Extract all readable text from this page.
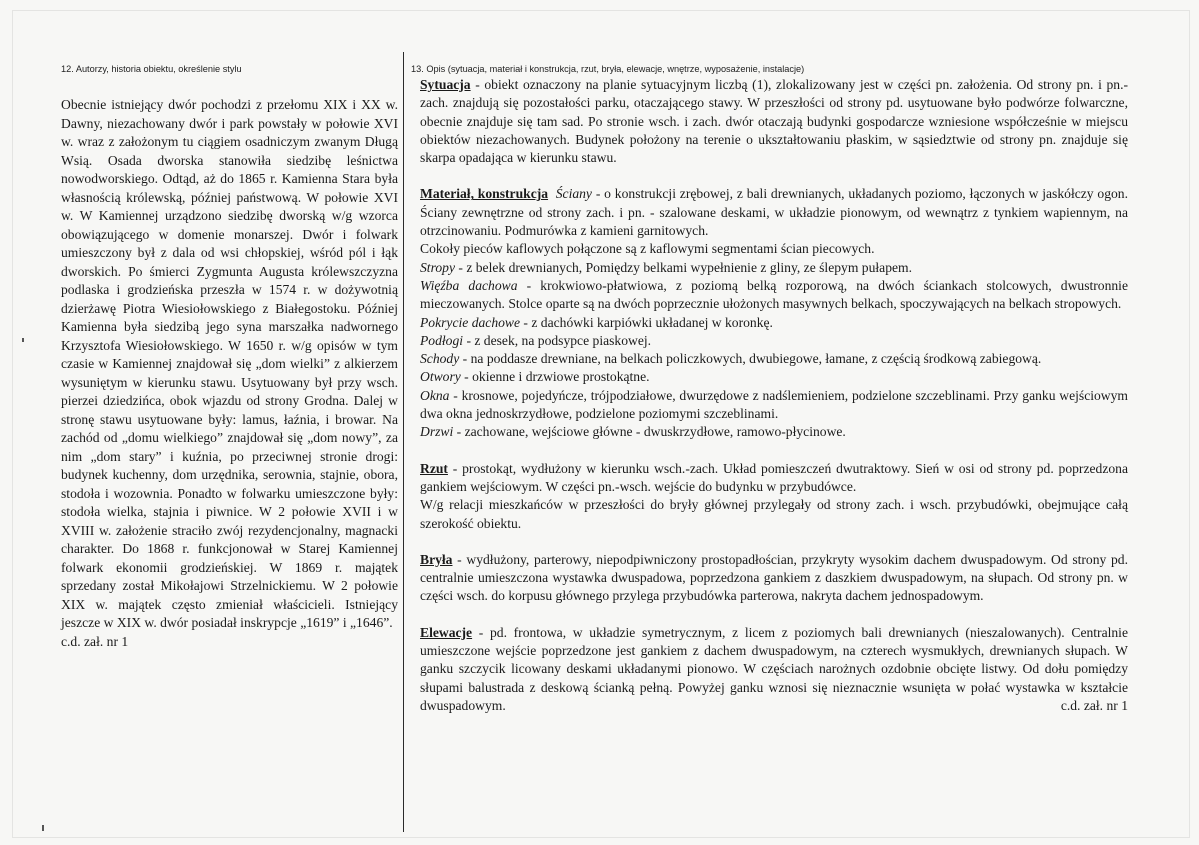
12. Autorzy, historia obiektu, określenie stylu	13. Opis (sytuacja, materiał i konstrukcja, rzut, bryła, elewacje, wnętrze, wyposażenie, instalacje)

Obecnie istniejący dwór pochodzi z przełomu XIX i XX w. Dawny, niezachowany dwór i park powstały w połowie XVI w. wraz z założonym tu ciągiem osadniczym zwanym Długą Wsią. Osada dworska stanowiła siedzibę leśnictwa nowodworskiego. Odtąd, aż do 1865 r. Kamienna Stara była własnością królewską, później państwową. W połowie XVI w. W Kamiennej urządzono siedzibę dworską w/g wzorca obowiązującego w domenie monarszej. Dwór i folwark umieszczony był z dala od wsi chłopskiej, wśród pól i łąk dworskich. Po śmierci Zygmunta Augusta królewszczyzna podlaska i grodzieńska przeszła w 1574 r. w dożywotnią dzierżawę Piotra Wiesiołowskiego z Białegostoku. Później Kamienna była siedzibą jego syna marszałka nadwornego Krzysztofa Wiesiołowskiego. W 1650 r. w/g opisów w tym czasie w Kamiennej znajdował się „dom wielki” z alkierzem wysuniętym w kierunku stawu. Usytuowany był przy wsch. pierzei dziedzińca, obok wjazdu od strony Grodna. Dalej w stronę stawu usytuowane były: lamus, łaźnia, i browar. Na zachód od „domu wielkiego” znajdował się „dom nowy”, za nim „dom stary” i kuźnia, po przeciwnej stronie drogi: budynek kuchenny, dom urzędnika, serownia, stajnie, obora, stodoła i wozownia. Ponadto w folwarku umieszczone były: stodoła wielka, stajnia i piwnice. W 2 połowie XVII i w XVIII w. założenie straciło zwój rezydencjonalny, magnacki charakter. Do 1868 r. funkcjonował w Starej Kamiennej folwark ekonomii grodzieńskiej. W 1869 r. majątek sprzedany został Mikołajowi Strzelnickiemu. W 2 połowie XIX w. majątek często zmieniał właścicieli. Istniejący jeszcze w XIX w. dwór posiadał inskrypcje „1619” i „1646”.

c.d. zał. nr 1

Sytuacja - obiekt oznaczony na planie sytuacyjnym liczbą (1), zlokalizowany jest w części pn. założenia. Od strony pn. i pn.-zach. znajdują się pozostałości parku, otaczającego stawy. W przeszłości od strony pd. usytuowane było podwórze folwarczne, obecnie znajduje się tam sad. Po stronie wsch. i zach. dwór otaczają budynki gospodarcze wzniesione współcześnie w miejscu obiektów niezachowanych. Budynek położony na terenie o ukształtowaniu płaskim, w sąsiedztwie od strony pn. znajduje się skarpa opadająca w kierunku stawu.

Materiał, konstrukcja Ściany - o konstrukcji zrębowej, z bali drewnianych, układanych poziomo, łączonych w jaskółczy ogon. Ściany zewnętrzne od strony zach. i pn. - szalowane deskami, w układzie pionowym, od wewnątrz z tynkiem wapiennym, na otrzcinowaniu. Podmurówka z kamieni garnitowych.

Cokoły pieców kaflowych połączone są z kaflowymi segmentami ścian piecowych.

Stropy - z belek drewnianych, Pomiędzy belkami wypełnienie z gliny, ze ślepym pułapem.

Więźba dachowa - krokwiowo-płatwiowa, z poziomą belką rozporową, na dwóch ściankach stolcowych, dwustronnie mieczowanych. Stolce oparte są na dwóch poprzecznie ułożonych masywnych belkach, spoczywających na belkach stropowych.

Pokrycie dachowe - z dachówki karpiówki układanej w koronkę.

Podłogi - z desek, na podsypce piaskowej.

Schody - na poddasze drewniane, na belkach policzkowych, dwubiegowe, łamane, z częścią środkową zabiegową.

Otwory - okienne i drzwiowe prostokątne.

Okna - krosnowe, pojedyńcze, trójpodziałowe, dwurzędowe z nadślemieniem, podzielone szczeblinami. Przy ganku wejściowym dwa okna jednoskrzydłowe, podzielone poziomymi szczeblinami.

Drzwi - zachowane, wejściowe główne - dwuskrzydłowe, ramowo-płycinowe.

Rzut - prostokąt, wydłużony w kierunku wsch.-zach. Układ pomieszczeń dwutraktowy. Sień w osi od strony pd. poprzedzona gankiem wejściowym. W części pn.-wsch. wejście do budynku w przybudówce.

W/g relacji mieszkańców w przeszłości do bryły głównej przylegały od strony zach. i wsch. przybudówki, obejmujące całą szerokość obiektu.

Bryła - wydłużony, parterowy, niepodpiwniczony prostopadłościan, przykryty wysokim dachem dwuspadowym. Od strony pd. centralnie umieszczona wystawka dwuspadowa, poprzedzona gankiem z daszkiem dwuspadowym, na słupach. Od strony pn. w części wsch. do korpusu głównego przylega przybudówka parterowa, nakryta dachem jednospadowym.

Elewacje - pd. frontowa, w układzie symetrycznym, z licem z poziomych bali drewnianych (nieszalowanych). Centralnie umieszczone wejście poprzedzone jest gankiem z dachem dwuspadowym, na czterech wysmukłych, drewnianych słupach. W ganku szczycik licowany deskami układanymi pionowo. W częściach narożnych ozdobnie obcięte listwy. Od dołu pomiędzy słupami balustrada z deskową ścianką pełną. Powyżej ganku wznosi się nieznacznie wsunięta w połać wystawka w kształcie dwuspadowym.	c.d. zał. nr 1
